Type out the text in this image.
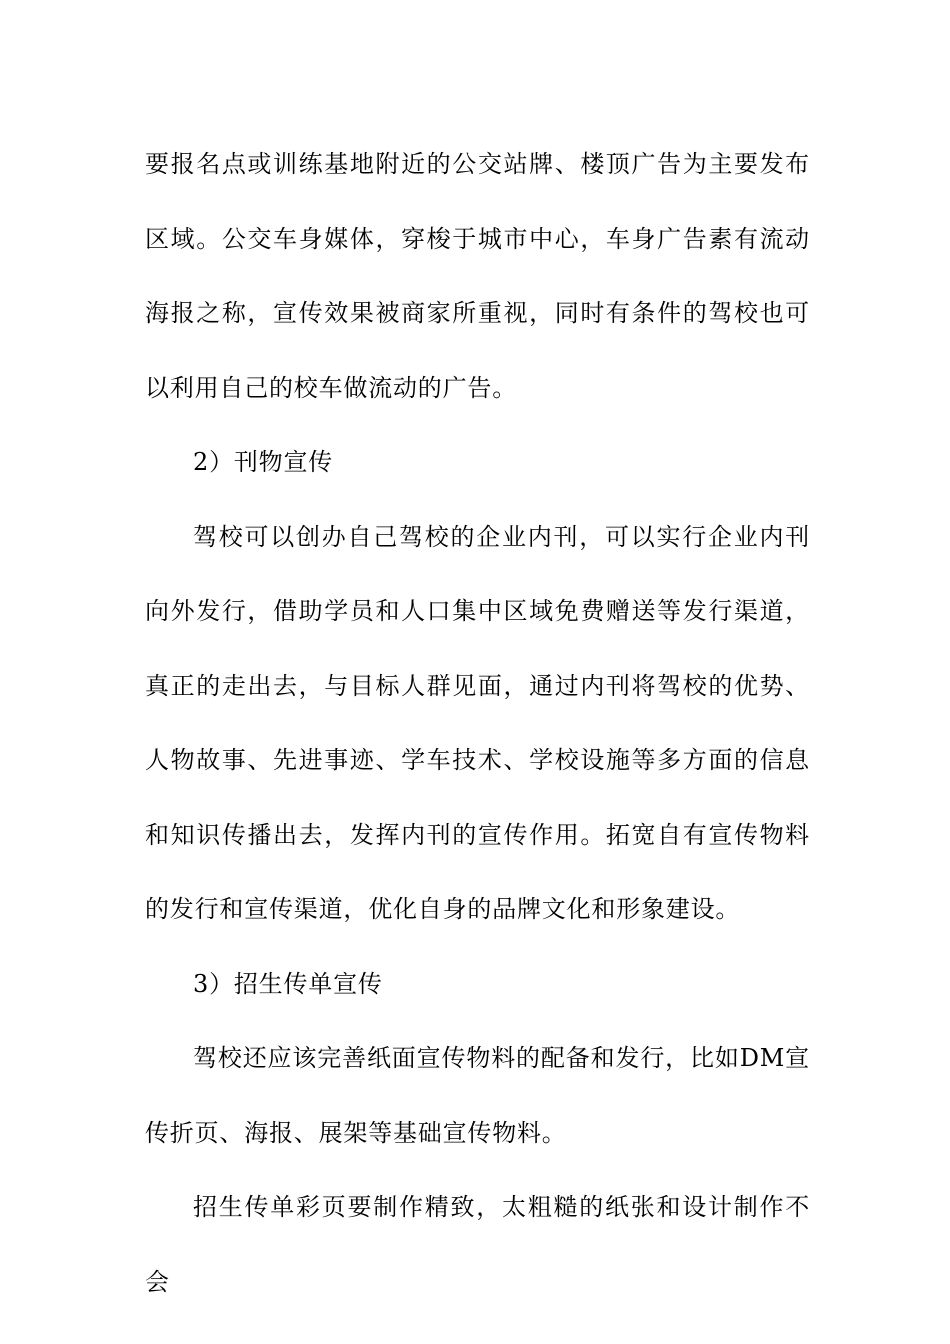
要报名点或训练基地附近的公交站牌、楼顶广告为主要发布区域。公交车身媒体，穿梭于城市中心，车身广告素有流动海报之称，宣传效果被商家所重视，同时有条件的驾校也可以利用自己的校车做流动的广告。

2）刊物宣传

驾校可以创办自己驾校的企业内刊，可以实行企业内刊向外发行，借助学员和人口集中区域免费赠送等发行渠道，真正的走出去，与目标人群见面，通过内刊将驾校的优势、人物故事、先进事迹、学车技术、学校设施等多方面的信息和知识传播出去，发挥内刊的宣传作用。拓宽自有宣传物料的发行和宣传渠道，优化自身的品牌文化和形象建设。

3）招生传单宣传

驾校还应该完善纸面宣传物料的配备和发行，比如DM宣传折页、海报、展架等基础宣传物料。

招生传单彩页要制作精致，太粗糙的纸张和设计制作不会
